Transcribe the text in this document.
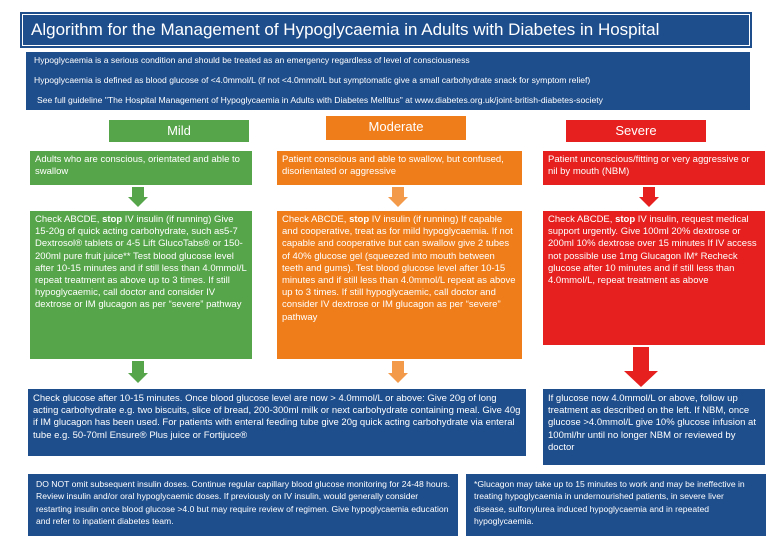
Algorithm for the Management of Hypoglycaemia in Adults with Diabetes in Hospital

Hypoglycaemia is a serious condition and should be treated as an emergency regardless of level of consciousness

Hypoglycaemia is defined as blood glucose of <4.0mmol/L (if not <4.0mmol/L but symptomatic give a small carbohydrate snack for symptom relief)

See full guideline "The Hospital Management of Hypoglycaemia in Adults with Diabetes Mellitus" at www.diabetes.org.uk/joint-british-diabetes-society

Mild	Moderate	Severe

Adults who are conscious, orientated and able to swallow

Patient conscious and able to swallow, but confused, disorientated or aggressive

Patient unconscious/fitting or very aggressive or nil by mouth (NBM)

Check ABCDE, stop IV insulin (if running) Give 15-20g of quick acting carbohydrate, such as5-7 Dextrosol® tablets or 4-5 Lift GlucoTabs® or 150-200ml pure fruit juice** Test blood glucose level after 10-15 minutes and if still less than 4.0mmol/L repeat treatment as above up to 3 times. If still hypoglycaemic, call doctor and consider IV dextrose or IM glucagon as per “severe” pathway

Check ABCDE, stop IV insulin (if running) If capable and cooperative, treat as for mild hypoglycaemia. If not capable and cooperative but can swallow give 2 tubes of 40% glucose gel (squeezed into mouth between teeth and gums). Test blood glucose level after 10-15 minutes and if still less than 4.0mmol/L repeat as above up to 3 times. If still hypoglycaemic, call doctor and consider IV dextrose or IM glucagon as per “severe” pathway

Check ABCDE, stop IV insulin, request medical support urgently. Give 100ml 20% dextrose or 200ml 10% dextrose over 15 minutes If IV access not possible use 1mg Glucagon IM* Recheck glucose after 10 minutes and if still less than 4.0mmol/L, repeat treatment as above

Check glucose after 10-15 minutes. Once blood glucose level are now > 4.0mmol/L or above: Give 20g of long acting carbohydrate e.g. two biscuits, slice of bread, 200-300ml milk or next carbohydrate containing meal. Give 40g if IM glucagon has been used. For patients with enteral feeding tube give 20g quick acting carbohydrate via enteral tube e.g. 50-70ml Ensure® Plus juice or Fortijuce®

If glucose now 4.0mmol/L or above, follow up treatment as described on the left. If NBM, once glucose >4.0mmol/L give 10% glucose infusion at 100ml/hr until no longer NBM or reviewed by doctor

DO NOT omit subsequent insulin doses. Continue regular capillary blood glucose monitoring for 24-48 hours. Review insulin and/or oral hypoglycaemic doses. If previously on IV insulin, would generally consider restarting insulin once blood glucose >4.0 but may require review of regimen. Give hypoglycaemia education and refer to inpatient diabetes team.
*Glucagon may take up to 15 minutes to work and may be ineffective in treating hypoglycaemia in undernourished patients, in severe liver disease, sulfonylurea induced hypoglycaemia and in repeated hypoglycaemia.
